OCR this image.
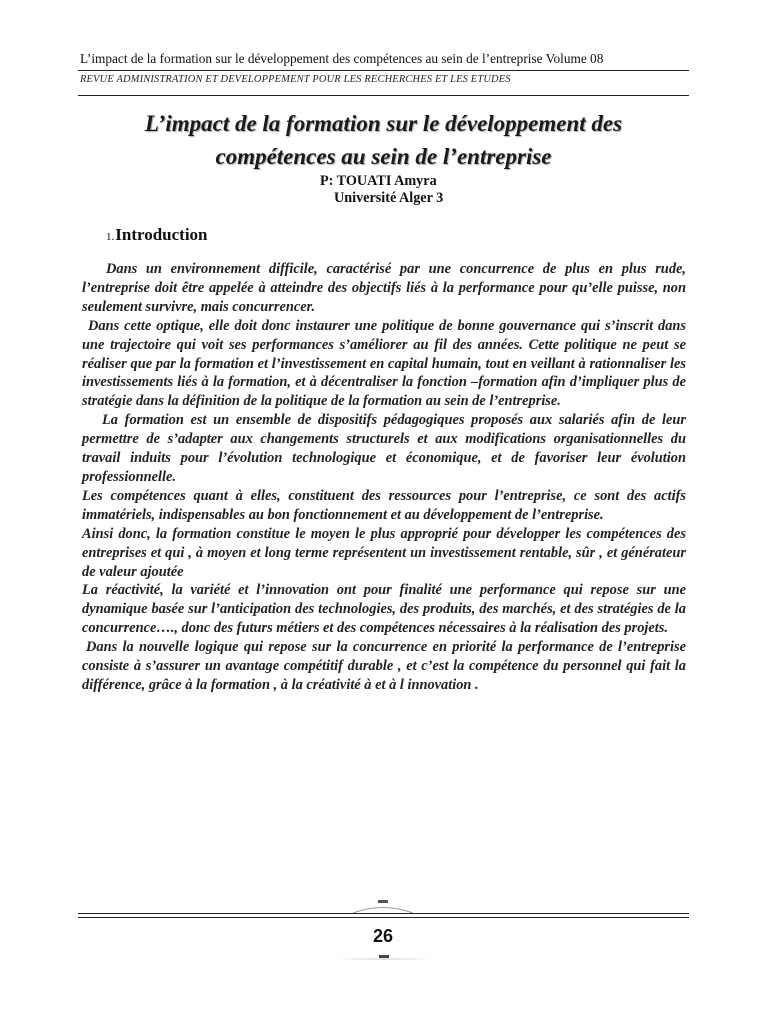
L’impact de la formation sur le développement des compétences au sein de l’entreprise Volume 08
REVUE ADMINISTRATION ET DEVELOPPEMENT POUR LES RECHERCHES ET LES ETUDES
L’impact de la formation sur le développement des
compétences au sein de l’entreprise
P: TOUATI Amyra
Université Alger 3
1.Introduction

Dans un environnement difficile, caractérisé par une concurrence de plus en plus rude, l’entreprise doit être appelée à atteindre des objectifs liés à la performance pour qu’elle puisse, non seulement survivre, mais concurrencer.

Dans cette optique, elle doit donc instaurer une politique de bonne gouvernance qui s’inscrit dans une trajectoire qui voit ses performances s’améliorer au fil des années. Cette politique ne peut se réaliser que par la formation et l’investissement en capital humain, tout en veillant à rationnaliser les investissements liés à la formation, et à décentraliser la fonction –formation afin d’impliquer plus de stratégie dans la définition de la politique de la formation au sein de l’entreprise.

La formation est un ensemble de dispositifs pédagogiques proposés aux salariés afin de leur permettre de s’adapter aux changements structurels et aux modifications organisationnelles du travail induits pour l’évolution technologique et économique, et de favoriser leur évolution professionnelle.

Les compétences quant à elles, constituent des ressources pour l’entreprise, ce sont des actifs immatériels, indispensables au bon fonctionnement et au développement de l’entreprise.

Ainsi donc, la formation constitue le moyen le plus approprié pour développer les compétences des entreprises et qui , à moyen et long terme représentent un investissement rentable, sûr , et générateur de valeur ajoutée

La réactivité, la variété et l’innovation ont pour finalité une performance qui repose sur une dynamique basée sur l’anticipation des technologies, des produits, des marchés, et des stratégies de la concurrence…., donc des futurs métiers et des compétences nécessaires à la réalisation des projets.

Dans la nouvelle logique qui repose sur la concurrence en priorité la performance de l’entreprise consiste à s’assurer un avantage compétitif durable , et c’est la compétence du personnel qui fait la différence, grâce à la formation , à la créativité à et à l innovation .

26
